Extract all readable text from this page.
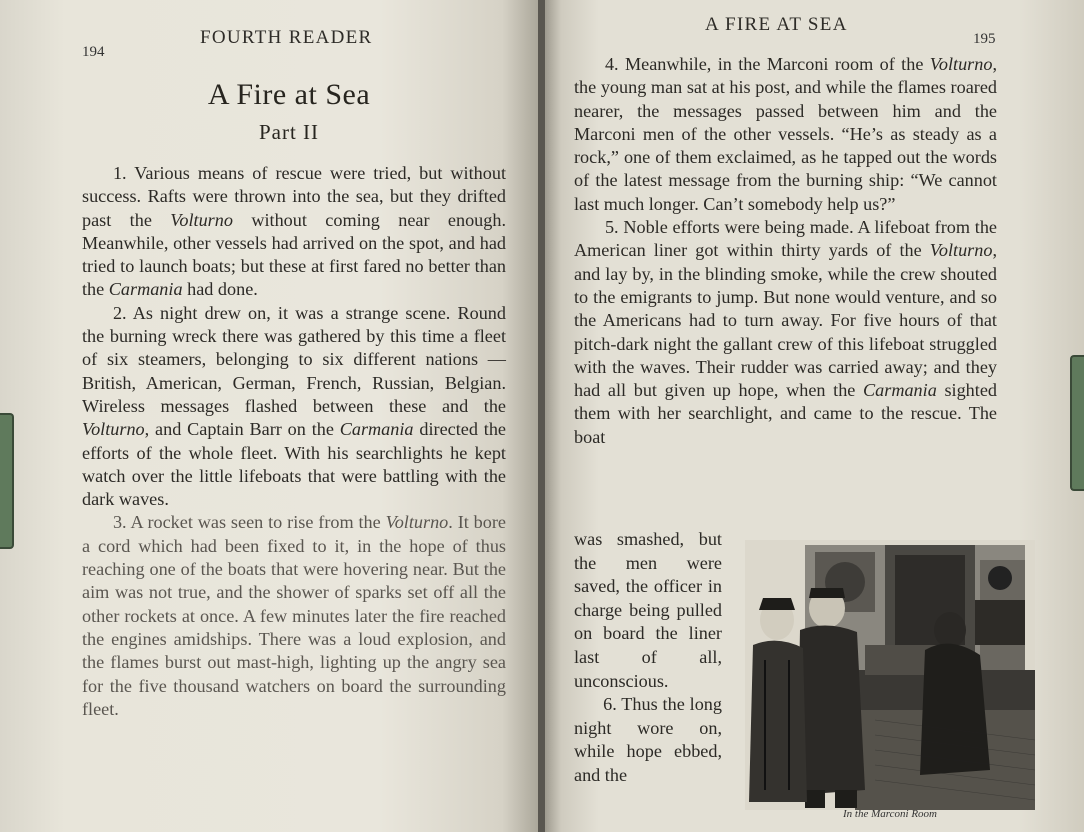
194
FOURTH READER
A Fire at Sea
Part II

1. Various means of rescue were tried, but without success. Rafts were thrown into the sea, but they drifted past the Volturno without coming near enough. Meanwhile, other vessels had arrived on the spot, and had tried to launch boats; but these at first fared no better than the Carmania had done.

2. As night drew on, it was a strange scene. Round the burning wreck there was gathered by this time a fleet of six steamers, belonging to six different nations — British, American, German, French, Russian, Belgian. Wireless messages flashed between these and the Volturno, and Captain Barr on the Carmania directed the efforts of the whole fleet. With his searchlights he kept watch over the little lifeboats that were battling with the dark waves.

3. A rocket was seen to rise from the Volturno. It bore a cord which had been fixed to it, in the hope of thus reaching one of the boats that were hovering near. But the aim was not true, and the shower of sparks set off all the other rockets at once. A few minutes later the fire reached the engines amidships. There was a loud explosion, and the flames burst out mast-high, lighting up the angry sea for the five thousand watchers on board the surrounding fleet.

A FIRE AT SEA
195

4. Meanwhile, in the Marconi room of the Volturno, the young man sat at his post, and while the flames roared nearer, the messages passed between him and the Marconi men of the other vessels. “He’s as steady as a rock,” one of them exclaimed, as he tapped out the words of the latest message from the burning ship: “We cannot last much longer. Can’t somebody help us?”

5. Noble efforts were being made. A lifeboat from the American liner got within thirty yards of the Volturno, and lay by, in the blinding smoke, while the crew shouted to the emigrants to jump. But none would venture, and so the Americans had to turn away. For five hours of that pitch-dark night the gallant crew of this lifeboat struggled with the waves. Their rudder was carried away; and they had all but given up hope, when the Carmania sighted them with her searchlight, and came to the rescue. The boat

was smashed, but the men were saved, the officer in charge being pulled on board the liner last of all, unconscious.

6. Thus the long night wore on, while hope ebbed, and the

In the Marconi Room
